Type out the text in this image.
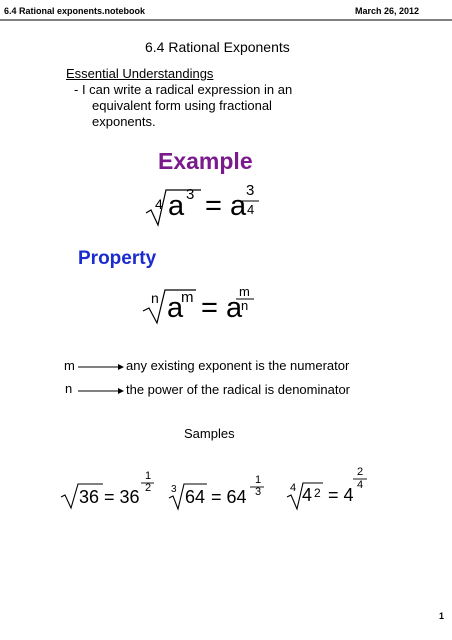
6.4 Rational exponents.notebook	March 26, 2012
6.4 Rational Exponents
Essential Understandings
- I can write a radical expression in an
equivalent form using fractional
exponents.
Example
4 a 3 = a 3
4
Property
n a
m = a
m
n
m	any existing exponent is the numerator
n	the power of the radical is denominator
Samples
36 = 36
1
2 3 64 = 64
1
3	4 4 2 = 4
2
4
1
